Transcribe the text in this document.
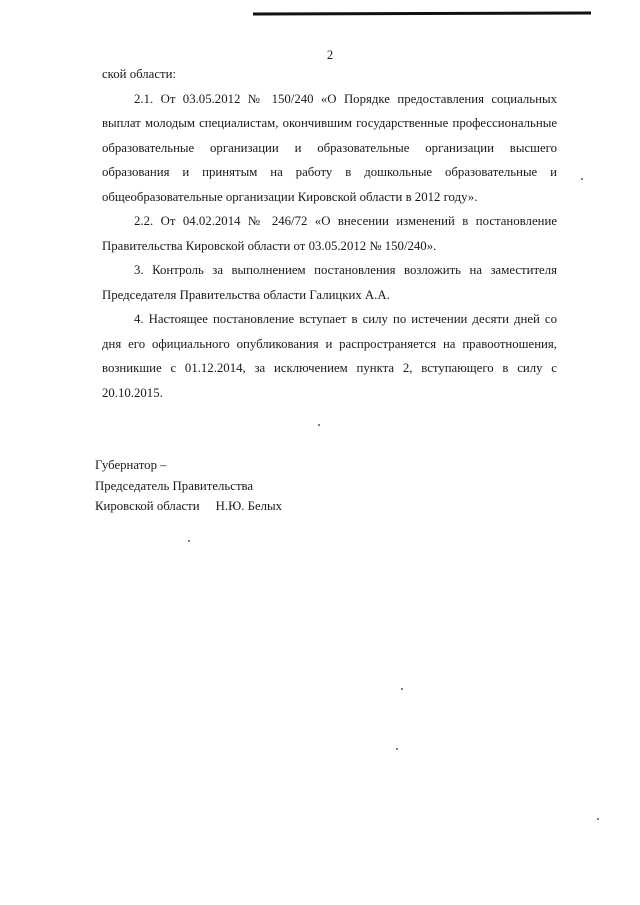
2

ской области:

2.1. От 03.05.2012 № 150/240 «О Порядке предоставления социальных выплат молодым специалистам, окончившим государственные профессиональные образовательные организации и образовательные организации высшего образования и принятым на работу в дошкольные образовательные и общеобразовательные организации Кировской области в 2012 году».

2.2. От 04.02.2014 № 246/72 «О внесении изменений в постановление Правительства Кировской области от 03.05.2012 № 150/240».

3. Контроль за выполнением постановления возложить на заместителя Председателя Правительства области Галицких А.А.

4. Настоящее постановление вступает в силу по истечении десяти дней со дня его официального опубликования и распространяется на правоотношения, возникшие с 01.12.2014, за исключением пункта 2, вступающего в силу с 20.10.2015.

Губернатор –
Председатель Правительства
Кировской области Н.Ю. Белых
